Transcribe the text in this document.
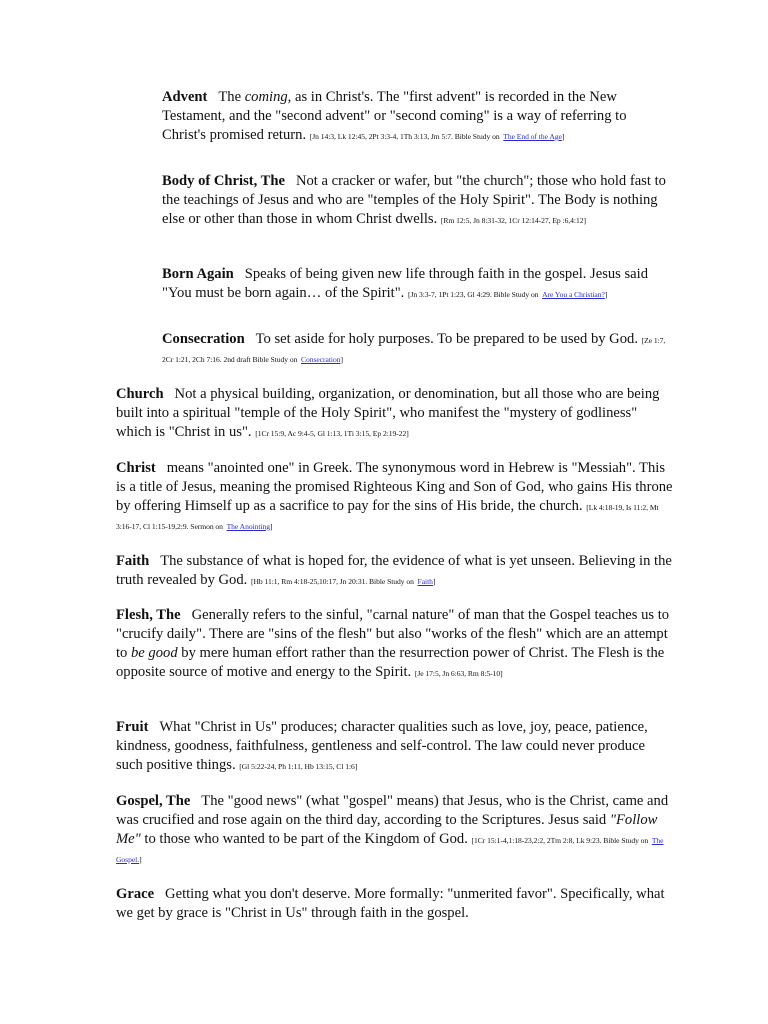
Advent The coming, as in Christ's. The "first advent" is recorded in the New Testament, and the "second advent" or "second coming" is a way of referring to Christ's promised return. [Jn 14:3, Lk 12:45, 2Pt 3:3-4, 1Th 3:13, Jm 5:7. Bible Study on The End of the Age]

Body of Christ, The Not a cracker or wafer, but "the church"; those who hold fast to the teachings of Jesus and who are "temples of the Holy Spirit". The Body is nothing else or other than those in whom Christ dwells. [Rm 12:5, Jn 8:31-32, 1Cr 12:14-27, Ep :6,4:12]

Born Again Speaks of being given new life through faith in the gospel. Jesus said "You must be born again… of the Spirit". [Jn 3:3-7, 1Pt 1:23, Gl 4:29. Bible Study on Are You a Christian?]

Consecration To set aside for holy purposes. To be prepared to be used by God. [Ze 1:7, 2Cr 1:21, 2Ch 7:16. 2nd draft Bible Study on Consecration]

Church Not a physical building, organization, or denomination, but all those who are being built into a spiritual "temple of the Holy Spirit", who manifest the "mystery of godliness" which is "Christ in us". [1Cr 15:9, Ac 9:4-5, Gl 1:13, 1Ti 3:15, Ep 2:19-22]

Christ means "anointed one" in Greek. The synonymous word in Hebrew is "Messiah". This is a title of Jesus, meaning the promised Righteous King and Son of God, who gains His throne by offering Himself up as a sacrifice to pay for the sins of His bride, the church. [Lk 4:18-19, Is 11:2, Mt 3:16-17, Cl 1:15-19,2:9. Sermon on The Anointing]

Faith The substance of what is hoped for, the evidence of what is yet unseen. Believing in the truth revealed by God. [Hb 11:1, Rm 4:18-25,10:17, Jn 20:31. Bible Study on Faith]

Flesh, The Generally refers to the sinful, "carnal nature" of man that the Gospel teaches us to "crucify daily". There are "sins of the flesh" but also "works of the flesh" which are an attempt to be good by mere human effort rather than the resurrection power of Christ. The Flesh is the opposite source of motive and energy to the Spirit. [Je 17:5, Jn 6:63, Rm 8:5-10]

Fruit What "Christ in Us" produces; character qualities such as love, joy, peace, patience, kindness, goodness, faithfulness, gentleness and self-control. The law could never produce such positive things. [Gl 5:22-24, Ph 1:11, Hb 13:15, Cl 1:6]

Gospel, The The "good news" (what "gospel" means) that Jesus, who is the Christ, came and was crucified and rose again on the third day, according to the Scriptures. Jesus said "Follow Me" to those who wanted to be part of the Kingdom of God. [1Cr 15:1-4,1:18-23,2:2, 2Tm 2:8, Lk 9:23. Bible Study on The Gospel.]

Grace Getting what you don't deserve. More formally: "unmerited favor". Specifically, what we get by grace is "Christ in Us" through faith in the gospel.
